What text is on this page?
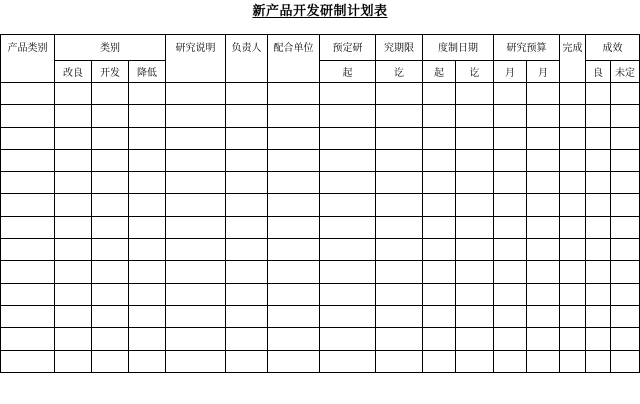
新产品开发研制计划表
产品类别	类别			研究说明	负责人	配合单位	预定研	究期限	度制日期		研究预算		完成	成效	
	改良	开发	降低				起	讫	起	讫	月	月		良	未定
